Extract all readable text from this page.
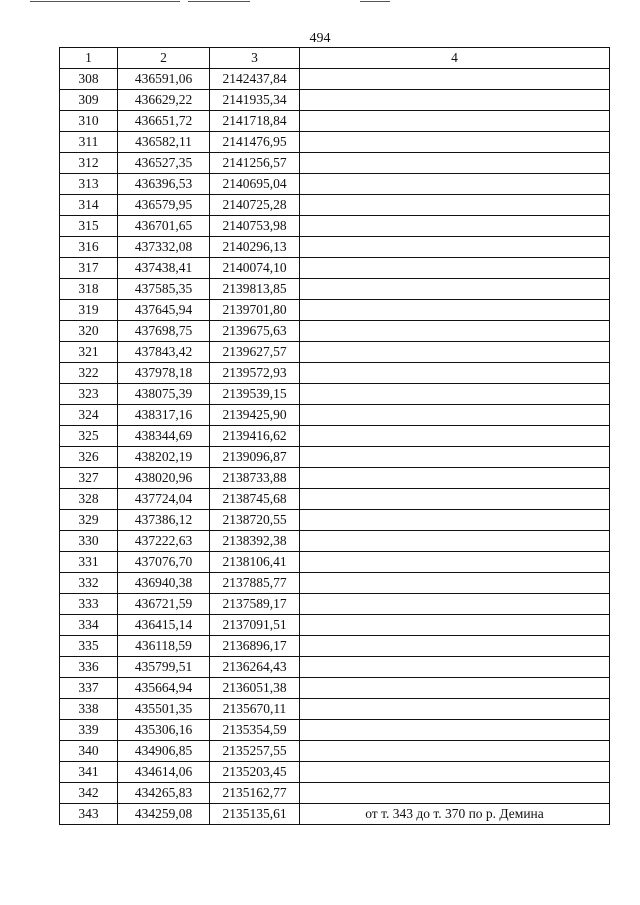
494
1	2	3	4
308	436591,06	2142437,84	
309	436629,22	2141935,34	
310	436651,72	2141718,84	
311	436582,11	2141476,95	
312	436527,35	2141256,57	
313	436396,53	2140695,04	
314	436579,95	2140725,28	
315	436701,65	2140753,98	
316	437332,08	2140296,13	
317	437438,41	2140074,10	
318	437585,35	2139813,85	
319	437645,94	2139701,80	
320	437698,75	2139675,63	
321	437843,42	2139627,57	
322	437978,18	2139572,93	
323	438075,39	2139539,15	
324	438317,16	2139425,90	
325	438344,69	2139416,62	
326	438202,19	2139096,87	
327	438020,96	2138733,88	
328	437724,04	2138745,68	
329	437386,12	2138720,55	
330	437222,63	2138392,38	
331	437076,70	2138106,41	
332	436940,38	2137885,77	
333	436721,59	2137589,17	
334	436415,14	2137091,51	
335	436118,59	2136896,17	
336	435799,51	2136264,43	
337	435664,94	2136051,38	
338	435501,35	2135670,11	
339	435306,16	2135354,59	
340	434906,85	2135257,55	
341	434614,06	2135203,45	
342	434265,83	2135162,77	
343	434259,08	2135135,61	от т. 343 до т. 370 по р. Демина
